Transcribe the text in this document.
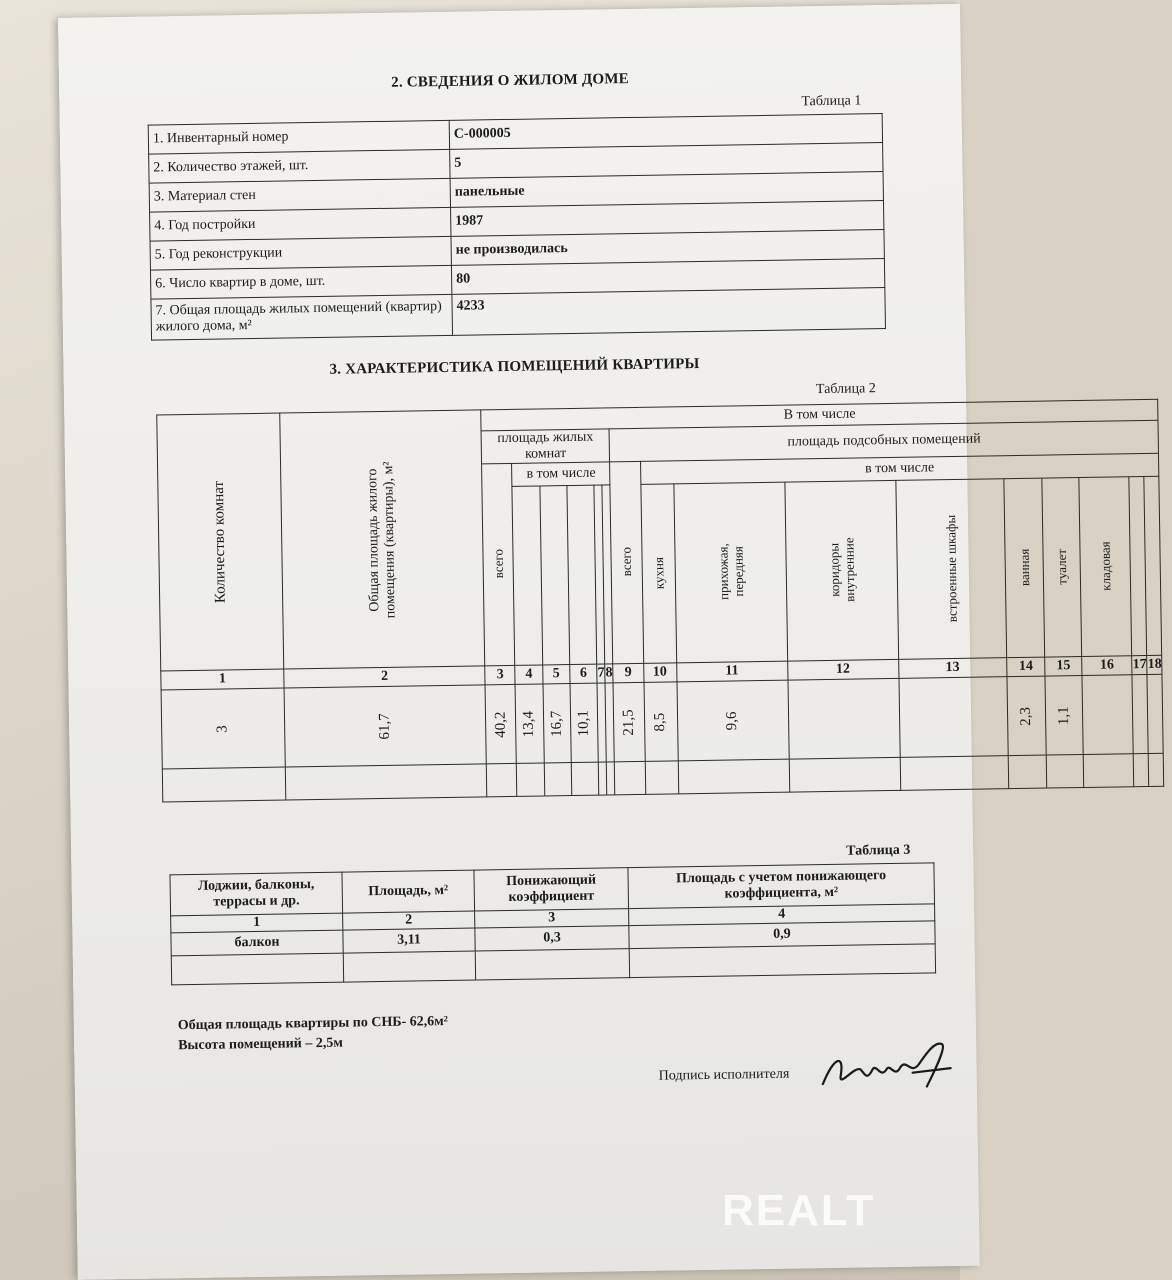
2. СВЕДЕНИЯ О ЖИЛОМ ДОМЕ
Таблица 1
1. Инвентарный номер	С-000005
2. Количество этажей, шт.	5
3. Материал стен	панельные
4. Год постройки	1987
5. Год реконструкции	не производилась
6. Число квартир в доме, шт.	80
7. Общая площадь жилых помещений (квартир) жилого дома, м²	4233
3. ХАРАКТЕРИСТИКА ПОМЕЩЕНИЙ КВАРТИРЫ
Таблица 2
Количество комнат	Общая площадь жилого помещения (квартиры), м²	В том числе															
		площадь жилых комнат						площадь подсобных помещений									
		всего	в том числе					всего	в том числе								
									кухня	прихожая, передняя	коридоры внутренние	встроенные шкафы	ванная	туалет	кладовая		
1	2	3	4	5	6	7	8	9	10	11	12	13	14	15	16	17	18
3	61,7	40,2	13,4	16,7	10,1			21,5	8,5	9,6			2,3	1,1			

Таблица 3
Лоджии, балконы, террасы и др.	Площадь, м²	Понижающий коэффициент	Площадь с учетом понижающего коэффициента, м²
1	2	3	4
балкон	3,11	0,3	0,9

Общая площадь квартиры по СНБ- 62,6м²
Высота помещений – 2,5м
Подпись исполнителя
REALT
